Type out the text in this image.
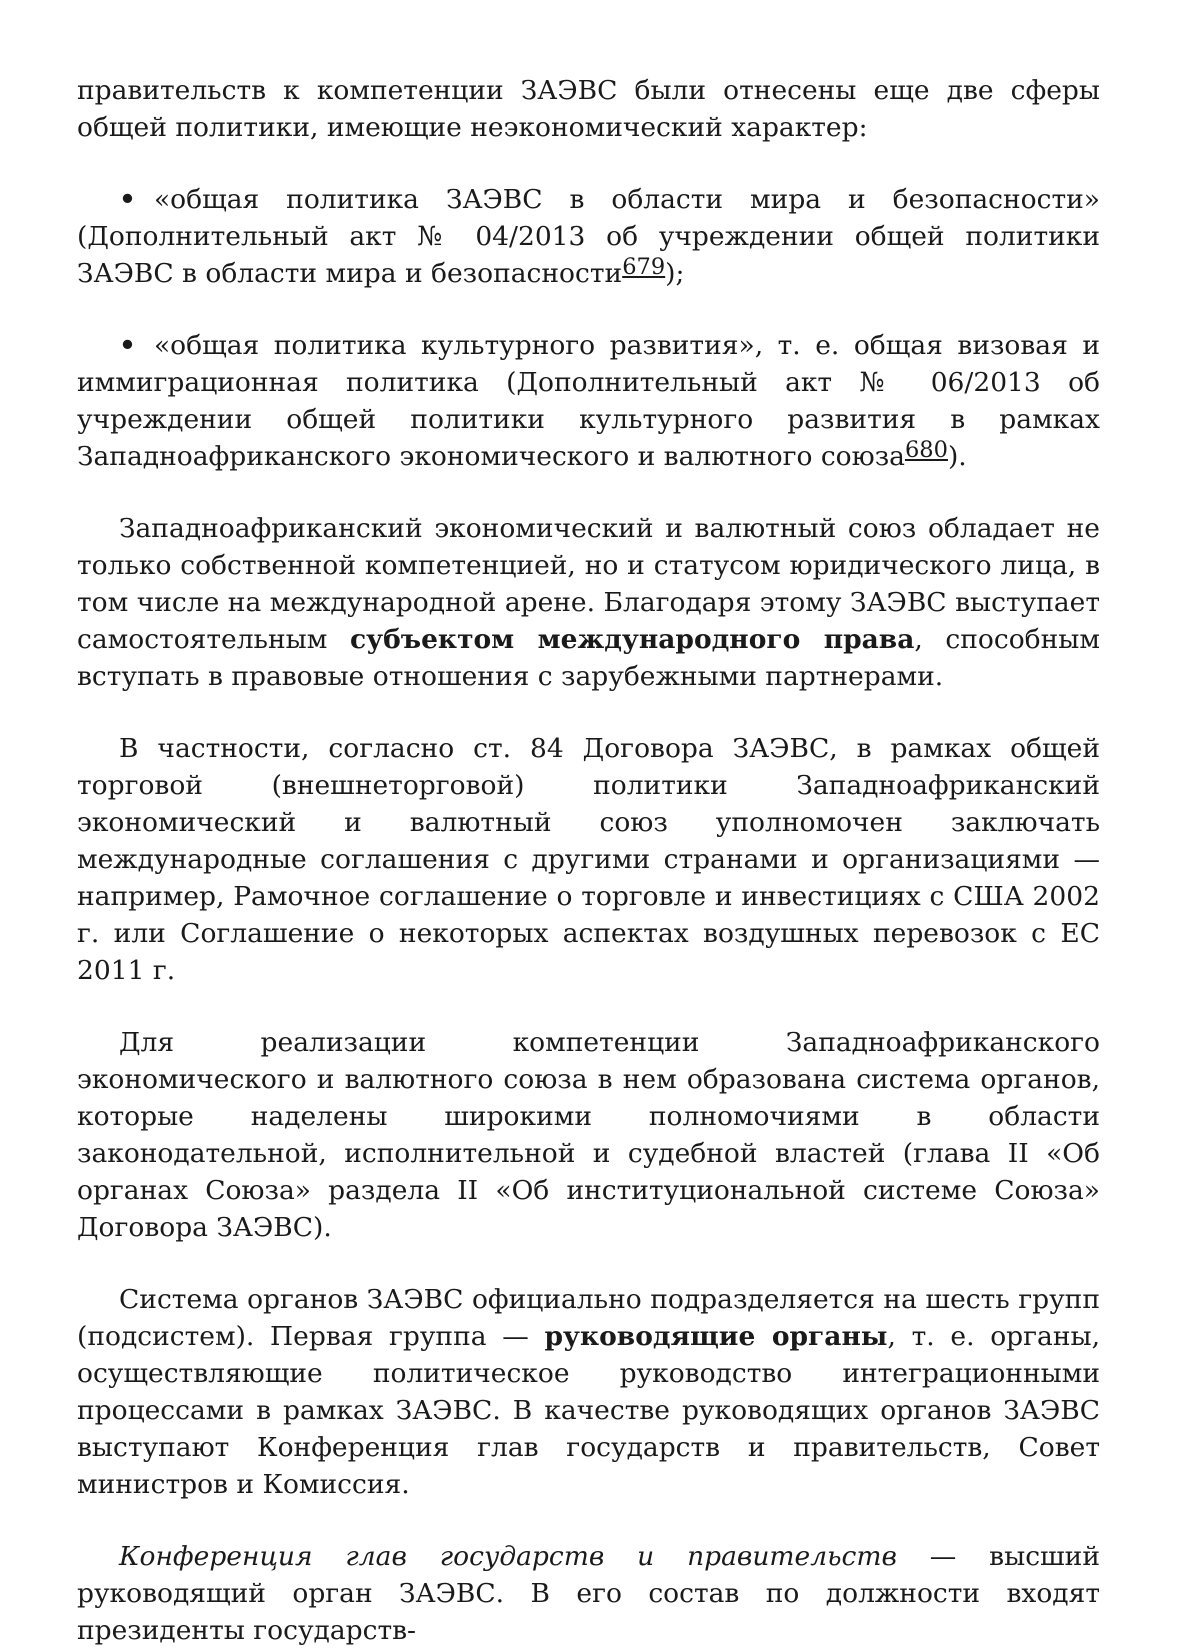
правительств к компетенции ЗАЭВС были отнесены еще две сферы общей политики, имеющие неэкономический характер:

• «общая политика ЗАЭВС в области мира и безопасности» (Дополнительный акт № 04/2013 об учреждении общей политики ЗАЭВС в области мира и безопасности$^{679}$);

• «общая политика культурного развития», т. е. общая визовая и иммиграционная политика (Дополнительный акт № 06/2013 об учреждении общей политики культурного развития в рамках Западноафриканского экономического и валютного союза$^{680}$).

Западноафриканский экономический и валютный союз обладает не только собственной компетенцией, но и статусом юридического лица, в том числе на международной арене. Благодаря этому ЗАЭВС выступает самостоятельным субъектом международного права, способным вступать в правовые отношения с зарубежными партнерами.

В частности, согласно ст. 84 Договора ЗАЭВС, в рамках общей торговой (внешнеторговой) политики Западноафриканский экономический и валютный союз уполномочен заключать международные соглашения с другими странами и организациями — например, Рамочное соглашение о торговле и инвестициях с США 2002 г. или Соглашение о некоторых аспектах воздушных перевозок с ЕС 2011 г.

Для реализации компетенции Западноафриканского экономического и валютного союза в нем образована система органов, которые наделены широкими полномочиями в области законодательной, исполнительной и судебной властей (глава II «Об органах Союза» раздела II «Об институциональной системе Союза» Договора ЗАЭВС).

Система органов ЗАЭВС официально подразделяется на шесть групп (подсистем). Первая группа — руководящие органы, т. е. органы, осуществляющие политическое руководство интеграционными процессами в рамках ЗАЭВС. В качестве руководящих органов ЗАЭВС выступают Конференция глав государств и правительств, Совет министров и Комиссия.

Конференция глав государств и правительств — высший руководящий орган ЗАЭВС. В его состав по должности входят президенты государств-
